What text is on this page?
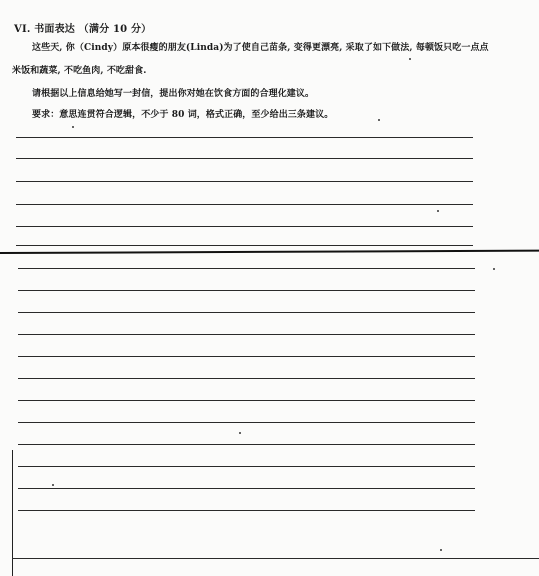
VI. 书面表达 （满分 10 分）
这些天, 你（Cindy）原本很瘦的朋友(Linda)为了使自己苗条, 变得更漂亮, 采取了如下做法, 每顿饭只吃一点点
米饭和蔬菜, 不吃鱼肉, 不吃甜食.
请根据以上信息给她写一封信，提出你对她在饮食方面的合理化建议。
要求：意思连贯符合逻辑，不少于 80 词，格式正确，至少给出三条建议。
